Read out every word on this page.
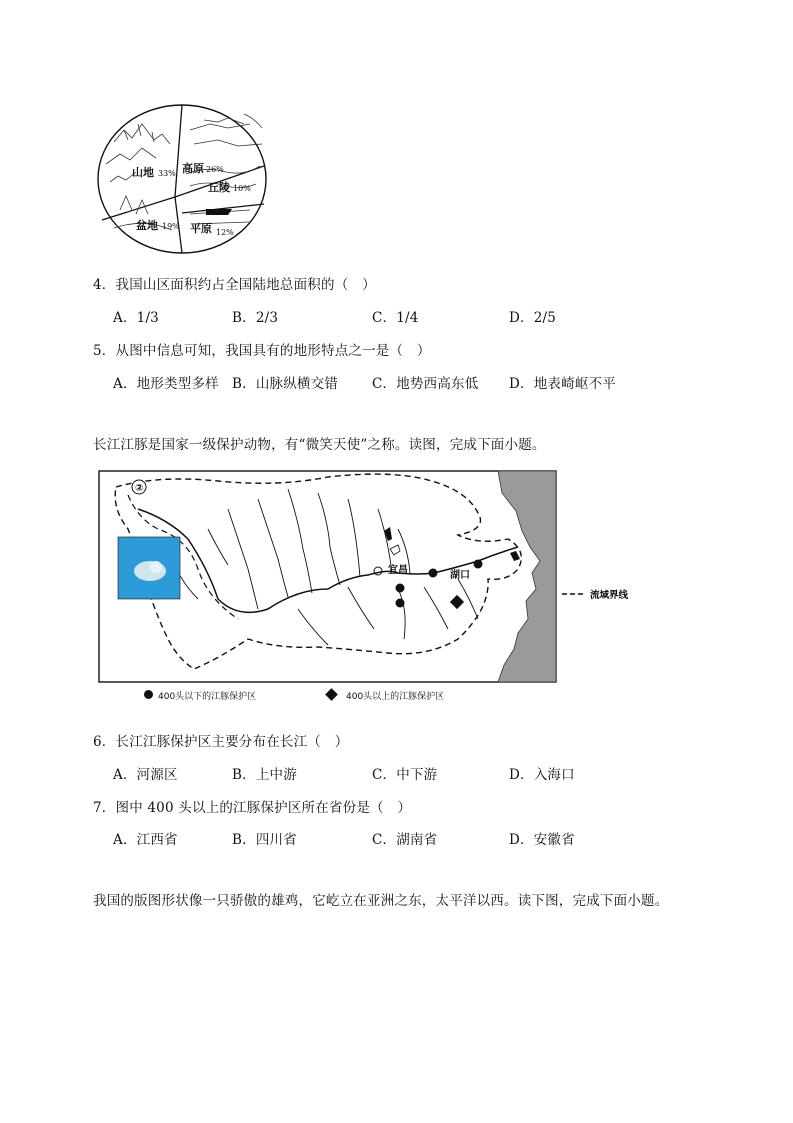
山地 33% 高原 26%
丘陵 10%
盆地 19% 平原 12%
4．我国山区面积约占全国陆地总面积的（　）
A．1/3	B．2/3	C．1/4	D．2/5
5．从图中信息可知，我国具有的地形特点之一是（　）
A．地形类型多样 B．山脉纵横交错	C．地势西高东低 D．地表崎岖不平
长江江豚是国家一级保护动物，有“微笑天使”之称。读图，完成下面小题。
②
宜昌	湖口
流域界线
400头以下的江豚保护区	400头以上的江豚保护区
6．长江江豚保护区主要分布在长江（　）
A．河源区	B．上中游	C．中下游	D．入海口
7．图中 400 头以上的江豚保护区所在省份是（　）
A．江西省	B．四川省	C．湖南省	D．安徽省
我国的版图形状像一只骄傲的雄鸡，它屹立在亚洲之东，太平洋以西。读下图，完成下面小题。
